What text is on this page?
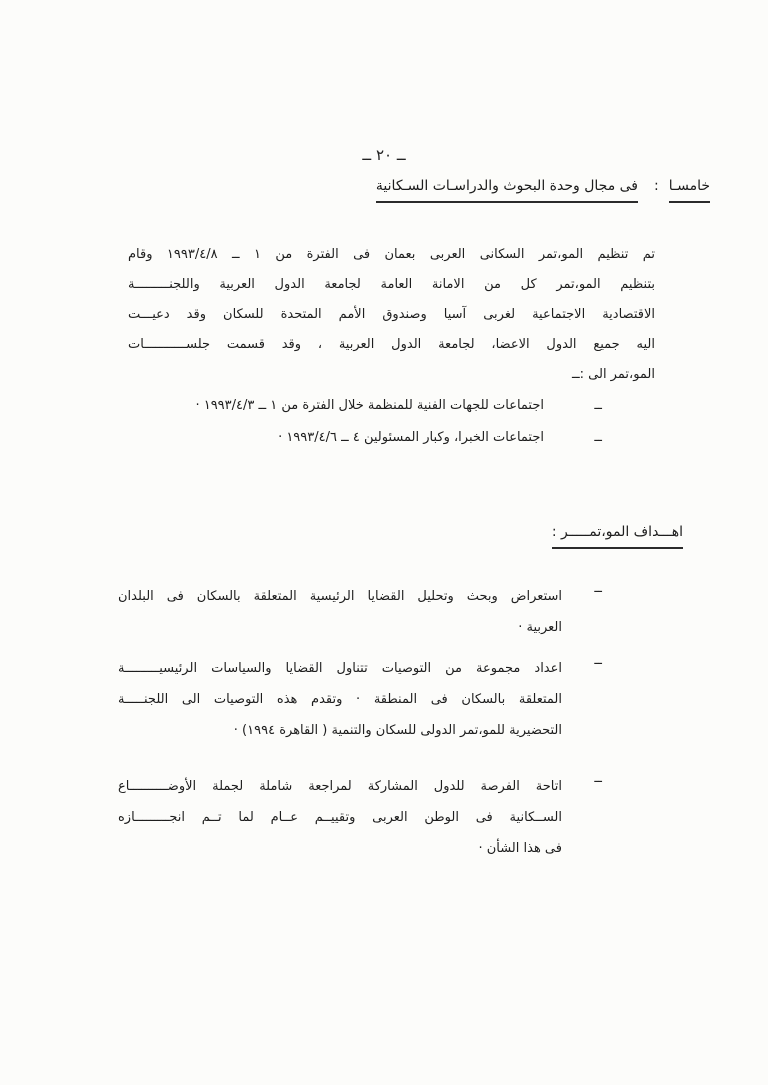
ــ ٢٠ ــ
خامسـا
:
فى مجال وحدة البحوث والدراسـات السـكانية
تم تنظيم المو،تمر السكانى العربى بعمان فى الفترة من ١ ــ ١٩٩٣/٤/٨ وقام
بتنظيم المو،تمر كل من الامانة العامة لجامعة الدول العربية واللجنـــــــــة
الاقتصادية الاجتماعية لغربى آسيا وصندوق الأمم المتحدة للسكان وقد دعيـــت
اليه جميع الدول الاعضا، لجامعة الدول العربية ، وقد قسمت جلســـــــــــات
المو،تمر الى :ــ
ــ
اجتماعات للجهات الفنية للمنظمة خلال الفترة من ١ ــ ١٩٩٣/٤/٣ ·
ــ
اجتماعات الخبرا، وكبار المسئولين ٤ ــ ١٩٩٣/٤/٦ ·
اهـــداف المو،تمـــــر :
ــ
استعراض وبحث وتحليل القضايا الرئيسية المتعلقة بالسكان فى البلدان
العربية ·
ــ
اعداد مجموعة من التوصيات تتناول القضايا والسياسات الرئيسيـــــــــة
المتعلقة بالسكان فى المنطقة · وتقدم هذه التوصيات الى اللجنـــــة
التحضيرية للمو،تمر الدولى للسكان والتنمية ( القاهرة ١٩٩٤) ·
ــ
اتاحة الفرصة للدول المشاركة لمراجعة شاملة لجملة الأوضــــــــــاع
الســكانية فى الوطن العربى وتقييــم عــام لما تــم انجـــــــــازه
فى هذا الشأن ·
